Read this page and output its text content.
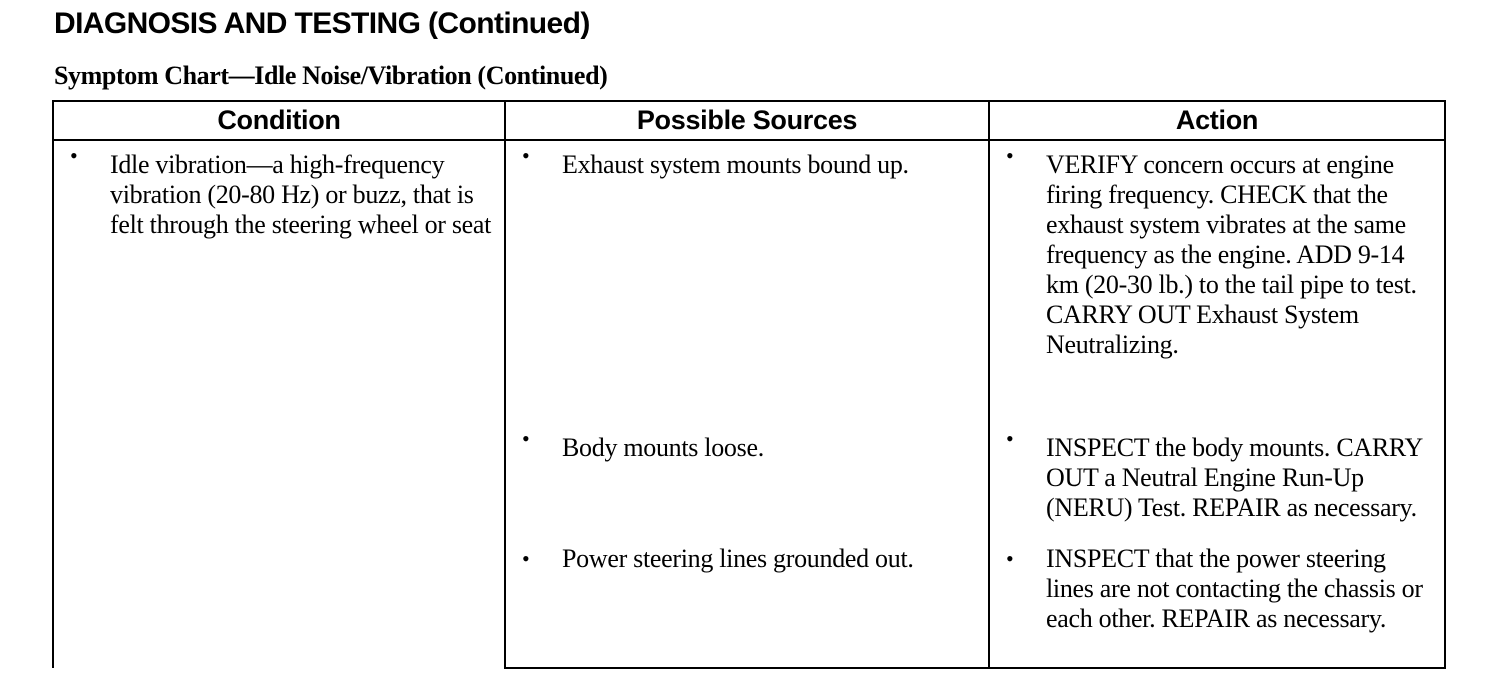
DIAGNOSIS AND TESTING (Continued)
Symptom Chart—Idle Noise/Vibration (Continued)
Condition	Possible Sources	Action

• Idle vibration—a high-frequency vibration (20-80 Hz) or buzz, that is felt through the steering wheel or seat	• Exhaust system mounts bound up.	• VERIFY concern occurs at engine firing frequency. CHECK that the exhaust system vibrates at the same frequency as the engine. ADD 9-14 km (20-30 lb.) to the tail pipe to test. CARRY OUT Exhaust System Neutralizing.

	• Body mounts loose.	• INSPECT the body mounts. CARRY OUT a Neutral Engine Run-Up (NERU) Test. REPAIR as necessary.

	• Power steering lines grounded out.	• INSPECT that the power steering lines are not contacting the chassis or each other. REPAIR as necessary.
